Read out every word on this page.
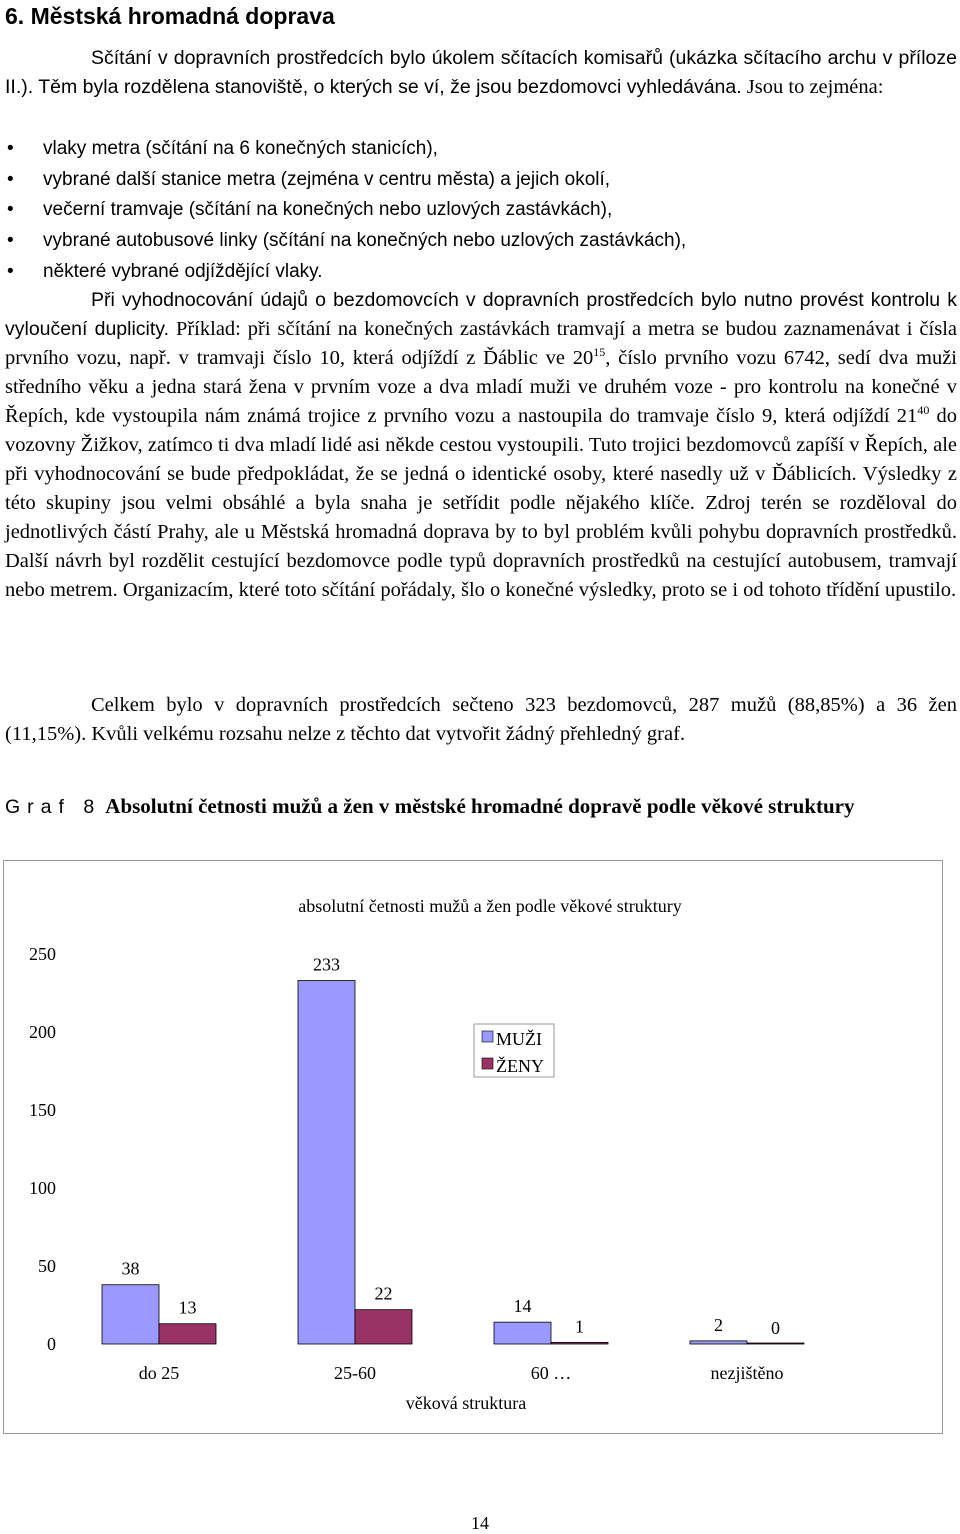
6. Městská hromadná doprava
Sčítání v dopravních prostředcích bylo úkolem sčítacích komisařů (ukázka sčítacího archu v příloze II.). Těm byla rozdělena stanoviště, o kterých se ví, že jsou bezdomovci vyhledávána. Jsou to zejména:
• vlaky metra (sčítání na 6 konečných stanicích),
• vybrané další stanice metra (zejména v centru města) a jejich okolí,
• večerní tramvaje (sčítání na konečných nebo uzlových zastávkách),
• vybrané autobusové linky (sčítání na konečných nebo uzlových zastávkách),
• některé vybrané odjíždějící vlaky.
Při vyhodnocování údajů o bezdomovcích v dopravních prostředcích bylo nutno provést kontrolu k vyloučení duplicity. Příklad: při sčítání na konečných zastávkách tramvají a metra se budou zaznamenávat i čísla prvního vozu, např. v tramvaji číslo 10, která odjíždí z Ďáblic ve $20^{15}$, číslo prvního vozu 6742, sedí dva muži středního věku a jedna stará žena v prvním voze a dva mladí muži ve druhém voze - pro kontrolu na konečné v Řepích, kde vystoupila nám známá trojice z prvního vozu a nastoupila do tramvaje číslo 9, která odjíždí $21^{40}$ do vozovny Žižkov, zatímco ti dva mladí lidé asi někde cestou vystoupili. Tuto trojici bezdomovců zapíší v Řepích, ale při vyhodnocování se bude předpokládat, že se jedná o identické osoby, které nasedly už v Ďáblicích. Výsledky z této skupiny jsou velmi obsáhlé a byla snaha je setřídit podle nějakého klíče. Zdroj terén se rozděloval do jednotlivých částí Prahy, ale u Městská hromadná doprava by to byl problém kvůli pohybu dopravních prostředků. Další návrh byl rozdělit cestující bezdomovce podle typů dopravních prostředků na cestující autobusem, tramvají nebo metrem. Organizacím, které toto sčítání pořádaly, šlo o konečné výsledky, proto se i od tohoto třídění upustilo.
Celkem bylo v dopravních prostředcích sečteno 323 bezdomovců, 287 mužů (88,85%) a 36 žen (11,15%). Kvůli velkému rozsahu nelze z těchto dat vytvořit žádný přehledný graf.
Graf 8 Absolutní četnosti mužů a žen v městské hromadné dopravě podle věkové struktury
absolutní četnosti mužů a žen podle věkové struktury
0
50
100
150
200
250
38
13
do 25
233
22
25-60
14
1
60 …
2	0
nezjištěno
věková struktura
MUŽI
ŽENY
14
